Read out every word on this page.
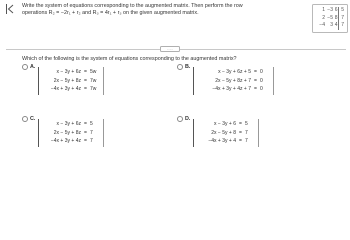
Write the system of equations corresponding to the augmented matrix. Then perform the row
operations R₂ = −2r₁ + r₂ and R₃ = 4r₁ + r₃ on the given augmented matrix.	1	−3	6	5
2	−5	8	7
−4	3	4	7
.....
Which of the following is the system of equations corresponding to the augmented matrix?
A.
x − 3y + 6z = 5w
2x − 5y + 8z = 7w
−4x + 3y + 4z = 7w
B.
x − 3y + 6z + 5 = 0
2x − 5y + 8z + 7 = 0
−4x + 3y + 4z + 7 = 0
C.
x − 3y + 6z = 5
2x − 5y + 8z = 7
−4x + 3y + 4z = 7
D.
x − 3y + 6 = 5
2x − 5y + 8 = 7
−4x + 3y + 4 = 7
